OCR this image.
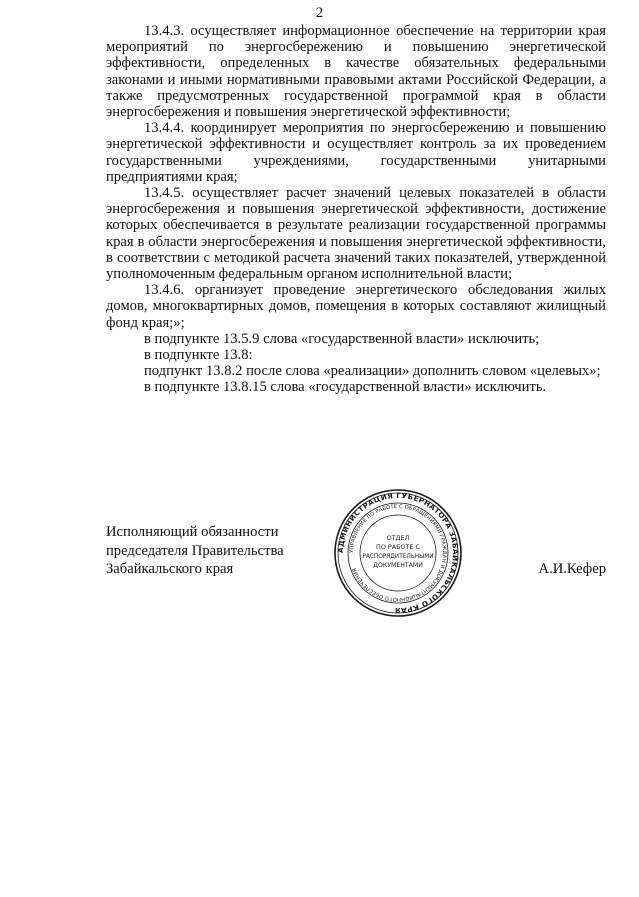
2

13.4.3. осуществляет информационное обеспечение на территории края мероприятий по энергосбережению и повышению энергетической эффективности, определенных в качестве обязательных федеральными законами и иными нормативными правовыми актами Российской Федерации, а также предусмотренных государственной программой края в области энергосбережения и повышения энергетической эффективности;

13.4.4. координирует мероприятия по энергосбережению и повышению энергетической эффективности и осуществляет контроль за их проведением государственными учреждениями, государственными унитарными предприятиями края;

13.4.5. осуществляет расчет значений целевых показателей в области энергосбережения и повышения энергетической эффективности, достижение которых обеспечивается в результате реализации государственной программы края в области энергосбережения и повышения энергетической эффективности, в соответствии с методикой расчета значений таких показателей, утвержденной уполномоченным федеральным органом исполнительной власти;

13.4.6. организует проведение энергетического обследования жилых домов, многоквартирных домов, помещения в которых составляют жилищный фонд края;»;

в подпункте 13.5.9 слова «государственной власти» исключить;

в подпункте 13.8:

подпункт 13.8.2 после слова «реализации» дополнить словом «целевых»;

в подпункте 13.8.15 слова «государственной власти» исключить.

Исполняющий обязанности
председателя Правительства
Забайкальского края	А.И.Кефер
АДМИНИСТРАЦИЯ ГУБЕРНАТОРА ЗАБАЙКАЛЬСКОГО КРАЯ
УПРАВЛЕНИЕ ПО РАБОТЕ С ОБРАЩЕНИЯМИ ГРАЖДАН И ДОКУМЕНТАЦИОННОГО ОБЕСПЕЧЕНИЯ
ОТДЕЛ
ПО РАБОТЕ С
РАСПОРЯДИТЕЛЬНЫМИ
ДОКУМЕНТАМИ
